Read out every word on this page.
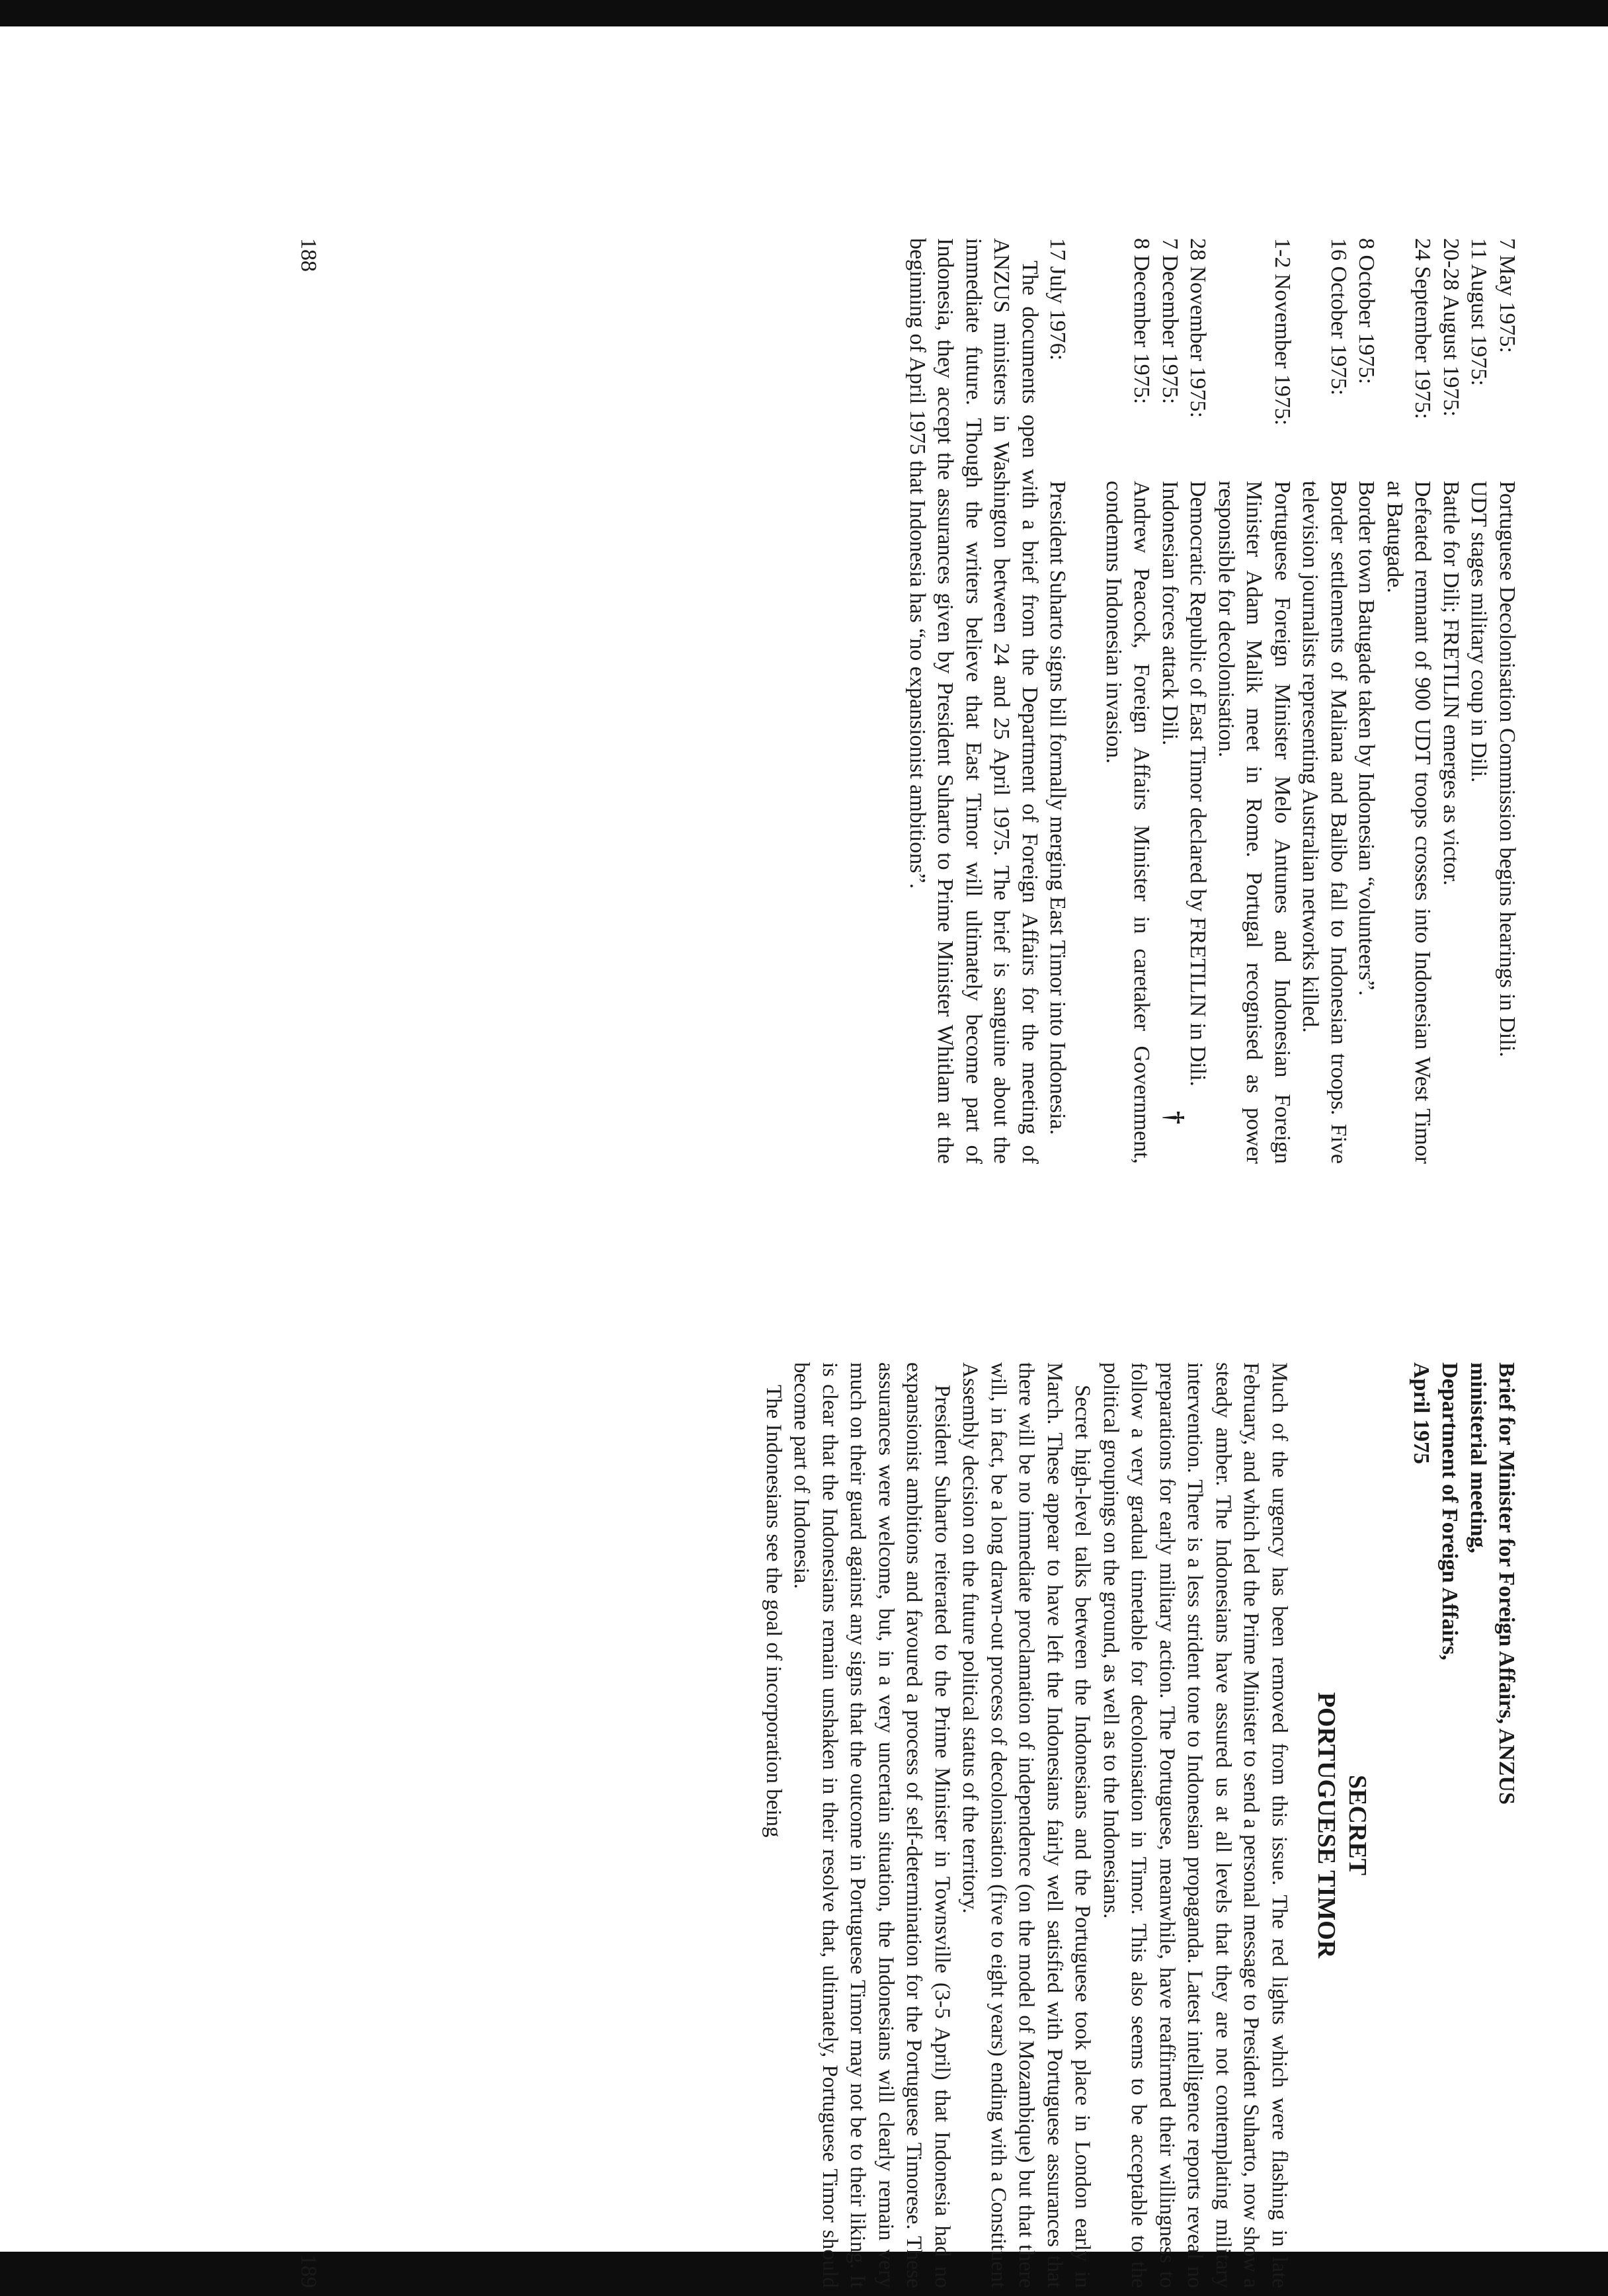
7 May 1975:
Portuguese Decolonisation Commission begins hearings in Dili.
11 August 1975:
UDT stages military coup in Dili.
20-28 August 1975:
Battle for Dili; FRETILIN emerges as victor.
24 September 1975:
Defeated remnant of 900 UDT troops crosses into Indonesian West Timor at Batugade.
8 October 1975:
Border town Batugade taken by Indonesian “volunteers”.
16 October 1975:
Border settlements of Maliana and Balibo fall to Indonesian troops. Five television journalists representing Australian networks killed.
1-2 November 1975:
Portuguese Foreign Minister Melo Antunes and Indonesian Foreign Minister Adam Malik meet in Rome. Portugal recognised as power responsible for decolonisation.
28 November 1975:
Democratic Republic of East Timor declared by FRETILIN in Dili.
7 December 1975:
Indonesian forces attack Dili.
8 December 1975:
Andrew Peacock, Foreign Affairs Minister in caretaker Government, condemns Indonesian invasion.
17 July 1976:
President Suharto signs bill formally merging East Timor into Indonesia.

The documents open with a brief from the Department of Foreign Affairs for the meeting of ANZUS ministers in Washington between 24 and 25 April 1975. The brief is sanguine about the immediate future. Though the writers believe that East Timor will ultimately become part of Indonesia, they accept the assurances given by President Suharto to Prime Minister Whitlam at the beginning of April 1975 that Indonesia has “no expansionist ambitions”.

†
188
Brief for Minister for Foreign Affairs, ANZUS
ministerial meeting,
Department of Foreign Affairs,
April 1975
SECRET
PORTUGUESE TIMOR

Much of the urgency has been removed from this issue. The red lights which were flashing in late February, and which led the Prime Minister to send a personal message to President Suharto, now show a steady amber. The Indonesians have assured us at all levels that they are not contemplating military intervention. There is a less strident tone to Indonesian propaganda. Latest intelligence reports reveal no preparations for early military action. The Portuguese, meanwhile, have reaffirmed their willingness to follow a very gradual timetable for decolonisation in Timor. This also seems to be acceptable to the political groupings on the ground, as well as to the Indonesians.

Secret high-level talks between the Indonesians and the Portuguese took place in London early in March. These appear to have left the Indonesians fairly well satisfied with Portuguese assurances that there will be no immediate proclamation of independence (on the model of Mozambique) but that there will, in fact, be a long drawn-out process of decolonisation (five to eight years) ending with a Constituent Assembly decision on the future political status of the territory.

President Suharto reiterated to the Prime Minister in Townsville (3-5 April) that Indonesia had no expansionist ambitions and favoured a process of self-determination for the Portuguese Timorese. These assurances were welcome, but, in a very uncertain situation, the Indonesians will clearly remain very much on their guard against any signs that the outcome in Portuguese Timor may not be to their liking. It is clear that the Indonesians remain unshaken in their resolve that, ultimately, Portuguese Timor should become part of Indonesia.

The Indonesians see the goal of incorporation being

189
